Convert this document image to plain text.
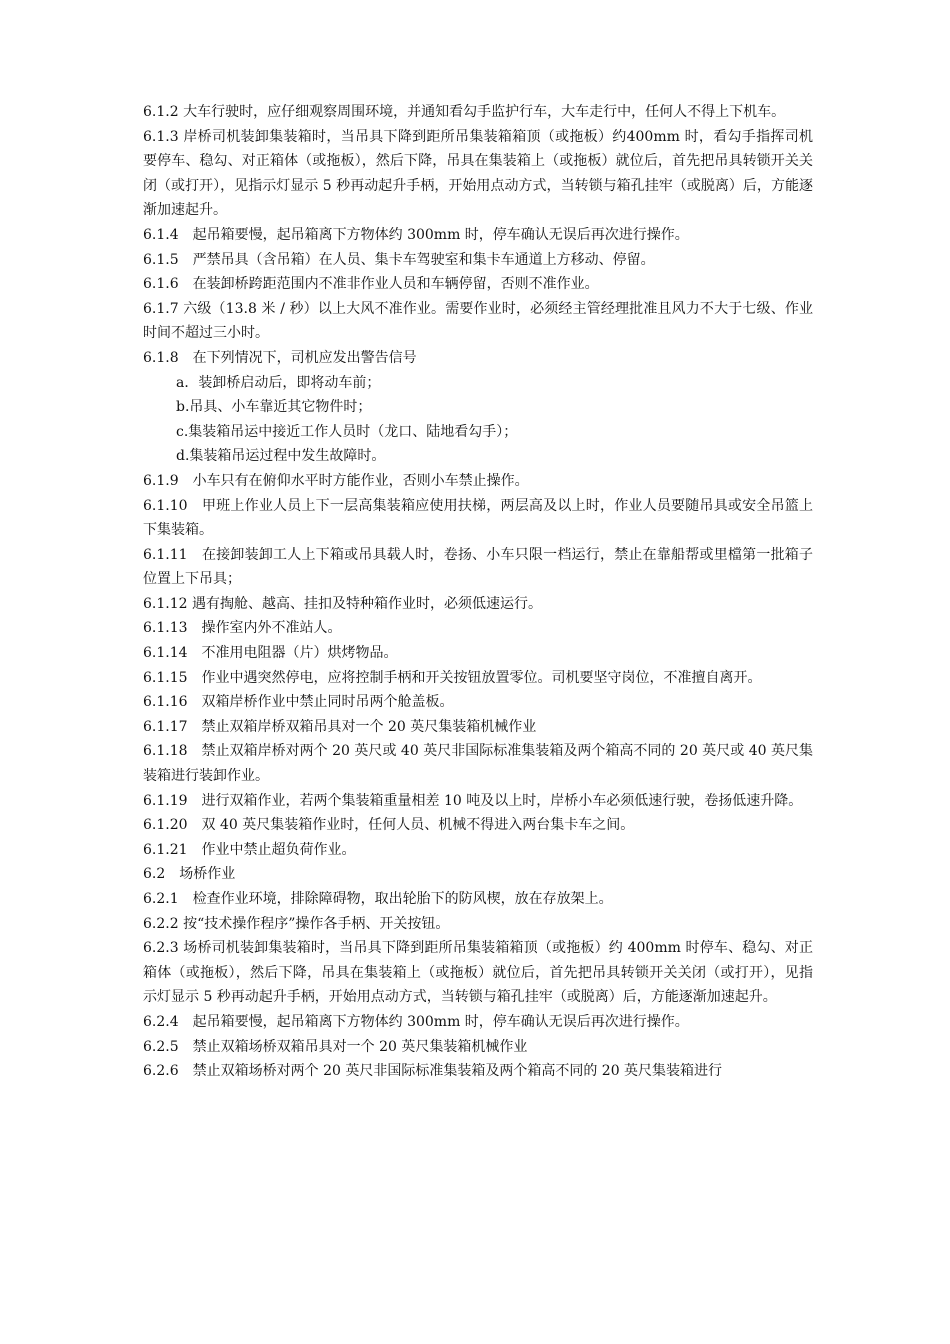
6.1.2 大车行驶时，应仔细观察周围环境，并通知看勾手监护行车，大车走行中，任何人不得上下机车。

6.1.3 岸桥司机装卸集装箱时，当吊具下降到距所吊集装箱箱顶（或拖板）约400mm 时，看勾手指挥司机要停车、稳勾、对正箱体（或拖板），然后下降，吊具在集装箱上（或拖板）就位后，首先把吊具转锁开关关闭（或打开），见指示灯显示 5 秒再动起升手柄，开始用点动方式，当转锁与箱孔挂牢（或脱离）后，方能逐渐加速起升。

6.1.4　起吊箱要慢，起吊箱离下方物体约 300mm 时，停车确认无误后再次进行操作。

6.1.5　严禁吊具（含吊箱）在人员、集卡车驾驶室和集卡车通道上方移动、停留。

6.1.6　在装卸桥跨距范围内不准非作业人员和车辆停留，否则不准作业。

6.1.7 六级（13.8 米 / 秒）以上大风不准作业。需要作业时，必须经主管经理批准且风力不大于七级、作业时间不超过三小时。

6.1.8　在下列情况下，司机应发出警告信号

a．装卸桥启动后，即将动车前；

b.吊具、小车靠近其它物件时；

c.集装箱吊运中接近工作人员时（龙口、陆地看勾手）；

d.集装箱吊运过程中发生故障时。

6.1.9　小车只有在俯仰水平时方能作业，否则小车禁止操作。

6.1.10　甲班上作业人员上下一层高集装箱应使用扶梯，两层高及以上时，作业人员要随吊具或安全吊篮上下集装箱。

6.1.11　在接卸装卸工人上下箱或吊具载人时，卷扬、小车只限一档运行，禁止在靠船帮或里檔第一批箱子位置上下吊具；

6.1.12 遇有掏舱、越高、挂扣及特种箱作业时，必须低速运行。

6.1.13　操作室内外不准站人。

6.1.14　不准用电阻器（片）烘烤物品。

6.1.15　作业中遇突然停电，应将控制手柄和开关按钮放置零位。司机要坚守岗位，不准擅自离开。

6.1.16　双箱岸桥作业中禁止同时吊两个舱盖板。

6.1.17　禁止双箱岸桥双箱吊具对一个 20 英尺集装箱机械作业

6.1.18　禁止双箱岸桥对两个 20 英尺或 40 英尺非国际标准集装箱及两个箱高不同的 20 英尺或 40 英尺集装箱进行装卸作业。

6.1.19　进行双箱作业，若两个集装箱重量相差 10 吨及以上时，岸桥小车必须低速行驶，卷扬低速升降。

6.1.20　双 40 英尺集装箱作业时，任何人员、机械不得进入两台集卡车之间。

6.1.21　作业中禁止超负荷作业。

6.2　场桥作业

6.2.1　检查作业环境，排除障碍物，取出轮胎下的防风楔，放在存放架上。

6.2.2 按“技术操作程序”操作各手柄、开关按钮。

6.2.3 场桥司机装卸集装箱时，当吊具下降到距所吊集装箱箱顶（或拖板）约 400mm 时停车、稳勾、对正箱体（或拖板），然后下降，吊具在集装箱上（或拖板）就位后，首先把吊具转锁开关关闭（或打开），见指示灯显示 5 秒再动起升手柄，开始用点动方式，当转锁与箱孔挂牢（或脱离）后，方能逐渐加速起升。

6.2.4　起吊箱要慢，起吊箱离下方物体约 300mm 时，停车确认无误后再次进行操作。

6.2.5　禁止双箱场桥双箱吊具对一个 20 英尺集装箱机械作业

6.2.6　禁止双箱场桥对两个 20 英尺非国际标准集装箱及两个箱高不同的 20 英尺集装箱进行
